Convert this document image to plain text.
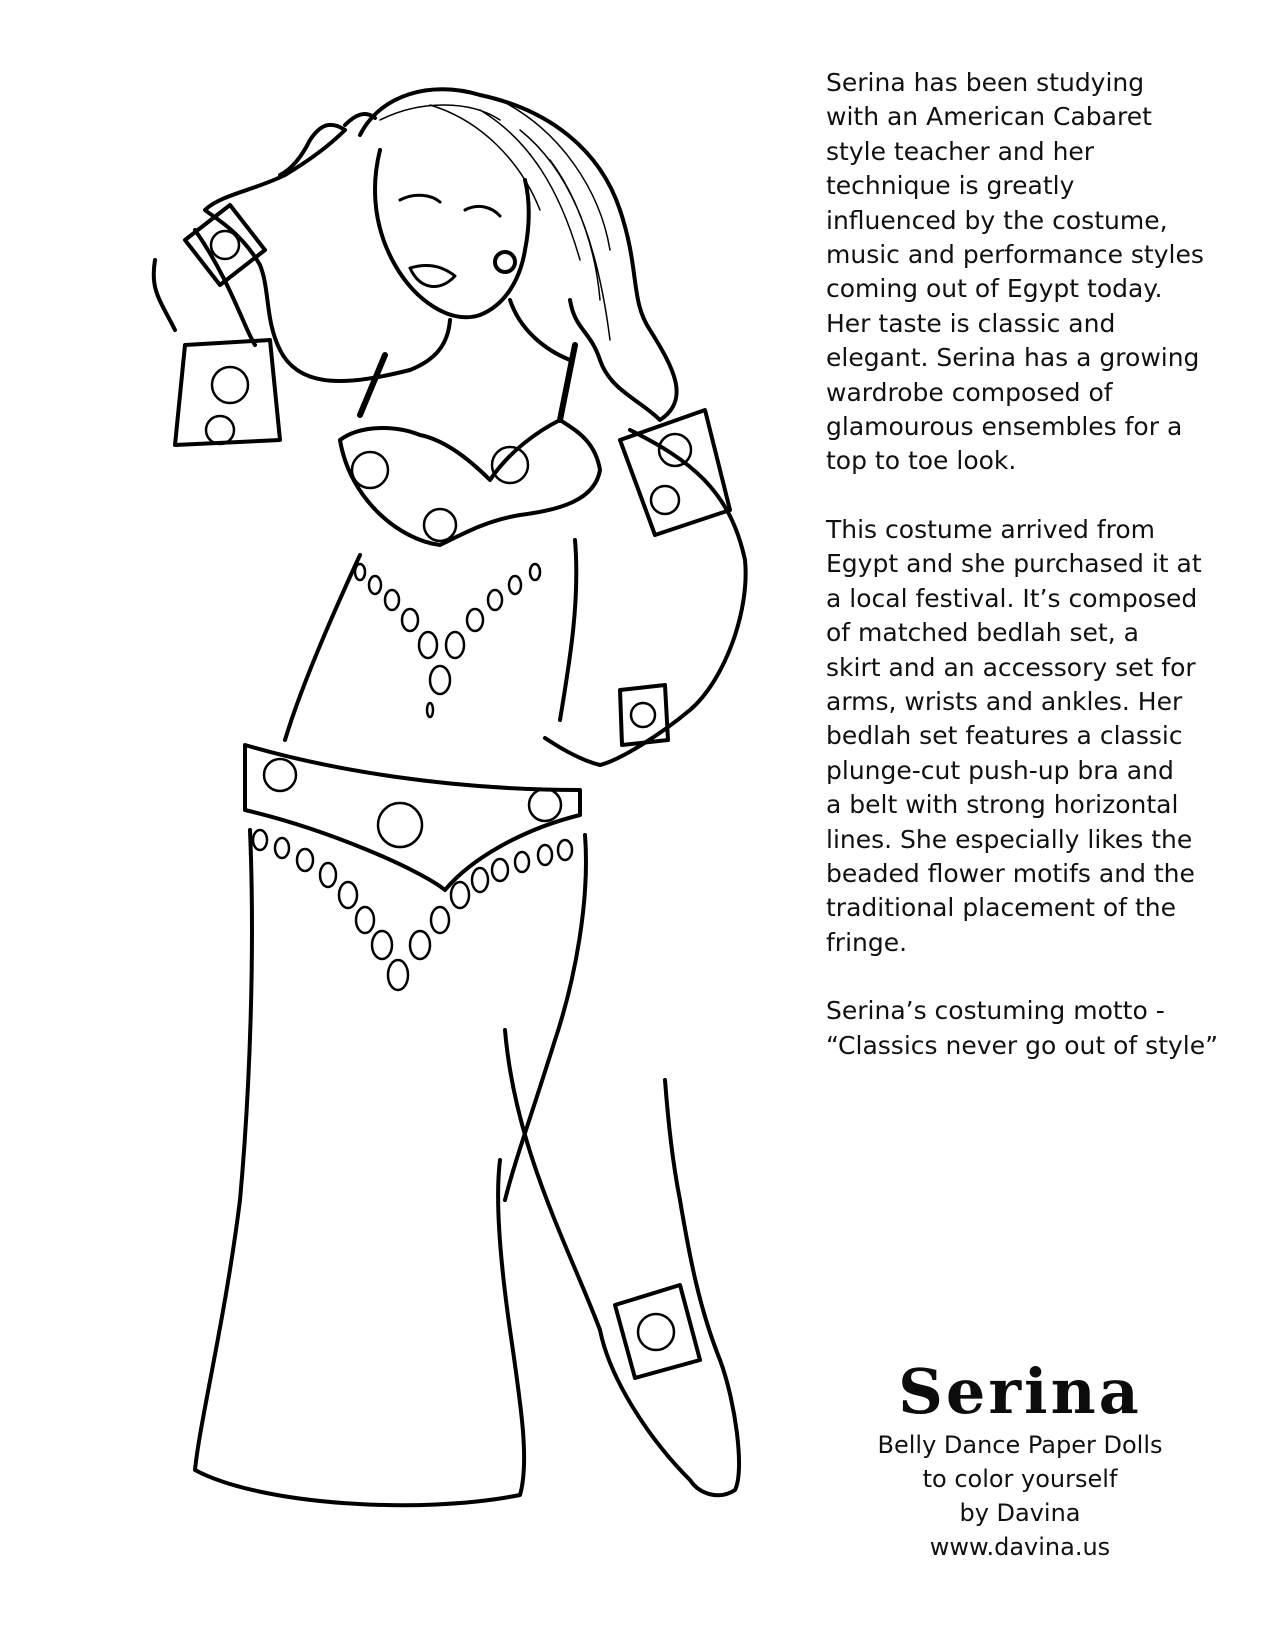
Serina has been studying
with an American Cabaret
style teacher and her
technique is greatly
influenced by the costume,
music and performance styles
coming out of Egypt today.
Her taste is classic and
elegant. Serina has a growing
wardrobe composed of
glamourous ensembles for a
top to toe look.

This costume arrived from
Egypt and she purchased it at
a local festival. It’s composed
of matched bedlah set, a
skirt and an accessory set for
arms, wrists and ankles. Her
bedlah set features a classic
plunge-cut push-up bra and
a belt with strong horizontal
lines. She especially likes the
beaded flower motifs and the
traditional placement of the
fringe.

Serina’s costuming motto -
“Classics never go out of style”

Serina
Belly Dance Paper Dolls
to color yourself
by Davina
www.davina.us
